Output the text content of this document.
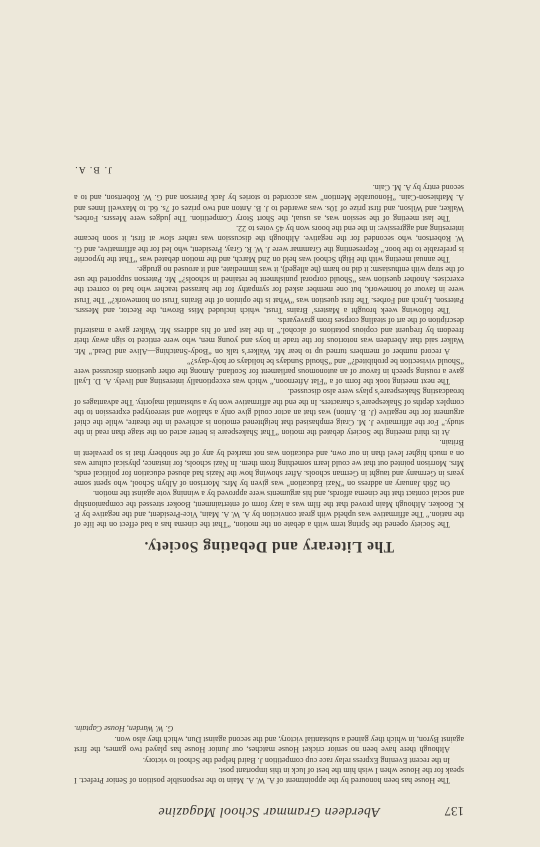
137
Aberdeen Grammar School Magazine

The House has been honoured by the appointment of A. W. A. Main to the responsible position of Senior Prefect. I speak for the House when I wish him the best of luck in this important post.

In the recent Evening Express relay race cup competition J. Baird helped the School to victory.

Although there have been no senior cricket House matches, our Junior House has played two games, the first against Byron, in which they gained a substantial victory, and the second against Dun, which they also won.

G. W. Warden, House Captain.

The Literary and Debating Society.

The Society opened the Spring term with a debate on the motion, “That the cinema has a bad effect on the life of the nation.” The affirmative was upheld with great conviction by A. W. A. Main, Vice-President, and the negative by P. K. Booker. Although Main proved that the film was a lazy form of entertainment, Booker stressed the companionship and social contact that the cinema affords, and his arguments were approved by a winning vote against the motion.

On 26th January an address on “Nazi Education” was given by Mrs. Morrison of Albyn School, who spent some years in Germany and taught in German schools. After showing how the Nazis had abused education for political ends, Mrs. Morrison pointed out that we could learn something from them. In Nazi schools, for instance, physical culture was on a much higher level than in our own, and education was not marked by any of the snobbery that is so prevalent in Britain.

At its third meeting the Society debated the motion “That Shakespeare is better acted on the stage than read in the study.” For the affirmative J. M. Craig emphasised that heightened emotion is achieved in the theatre, while the chief argument for the negative (J. B. Anton) was that an actor could give only a shallow and stereotyped expression to the complex depths of Shakespeare’s characters. In the end the affirmative won by a substantial majority. The advantages of broadcasting Shakespeare’s plays were also discussed.

The next meeting took the form of a “Flat Afternoon,” which was exceptionally interesting and lively. A. D. Lyall gave a rousing speech in favour of an autonomous parliament for Scotland. Among the other questions discussed were “Should vivisection be prohibited?” and “Should Sundays be holidays or holy-days?”

A record number of members turned up to hear Mr. Walker’s talk on “Body-Snatching—Alive and Dead.” Mr. Walker said that Aberdeen was notorious for the trade in boys and young men, who were enticed to sign away their freedom by frequent and copious potations of alcohol.” In the last part of his address Mr. Walker gave a masterful description of the art of stealing corpses from graveyards.

The following week brought a Masters’ Brains Trust, which included Miss Brown, the Rector, and Messrs. Paterson, Lynch and Forbes. The first question was “What is the opinion of the Brains Trust on homework?” The Trust were in favour of homework, but one member asked for sympathy for the harassed teacher who had to correct the exercises. Another question was “Should corporal punishment be retained in schools?” Mr. Paterson supported the use of the strap with enthusiasm: it did no harm (he alleged), it was immediate, and it aroused no grudge.

The annual meeting with the High School was held on 2nd March, and the motion debated was “That the hypocrite is preferable to the boor.” Representing the Grammar were J. W. R. Gray, President, who led for the affirmative, and G. W. Robertson, who seconded for the negative. Although the discussion was rather slow at first, it soon became interesting and aggressive: in the end the boors won by 45 votes to 22.

The last meeting of the session was, as usual, the Short Story Competition. The judges were Messrs. Forbes, Walker, and Wilson, and first prize of 10s. was awarded to J. B. Anton and two prizes of 7s. 6d. to Maxwell Innes and A. Mathieson-Cain. “Honourable Mention” was accorded to stories by Jack Paterson and G. W. Robertson, and to a second entry by A. M. Cain.

J. B. A.
